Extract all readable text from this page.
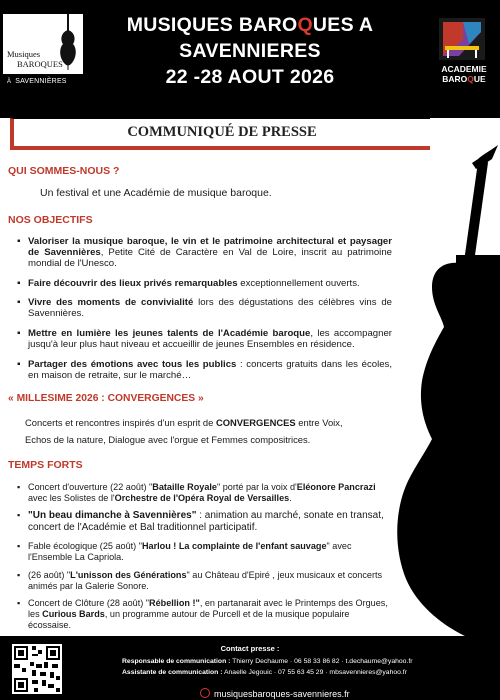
Musiques
BAROQUES
À SAVENNIÈRES
MUSIQUES BAROQUES A
SAVENNIERES
22 -28 AOUT 2026	ACADEMIE
BAROQUE
COMMUNIQUÉ DE PRESSE
QUI SOMMES-NOUS ?
Un festival et une Académie de musique baroque.
NOS OBJECTIFS
▪ Valoriser la musique baroque, le vin et le patrimoine architectural et paysager de Savennières, Petite Cité de Caractère en Val de Loire, inscrit au patrimoine mondial de l'Unesco.
▪ Faire découvrir des lieux privés remarquables exceptionnellement ouverts.
▪ Vivre des moments de convivialité lors des dégustations des célèbres vins de Savennières.
▪ Mettre en lumière les jeunes talents de l'Académie baroque, les accompagner jusqu'à leur plus haut niveau et accueillir de jeunes Ensembles en résidence.
▪ Partager des émotions avec tous les publics : concerts gratuits dans les écoles, en maison de retraite, sur le marché…
« MILLESIME 2026 : CONVERGENCES »
Concerts et rencontres inspirés d'un esprit de CONVERGENCES entre Voix,
Echos de la nature, Dialogue avec l'orgue et Femmes compositrices.
TEMPS FORTS
▪ Concert d'ouverture (22 août) "Bataille Royale" porté par la voix d'Eléonore Pancrazi avec les Solistes de l'Orchestre de l'Opéra Royal de Versailles.
▪ "Un beau dimanche à Savennières" : animation au marché, sonate en transat, concert de l'Académie et Bal traditionnel participatif.
▪ Fable écologique (25 août) "Harlou ! La complainte de l'enfant sauvage" avec l'Ensemble La Capriola.
▪ (26 août) "L'unisson des Générations" au Château d'Epiré , jeux musicaux et concerts animés par la Galerie Sonore.
▪ Concert de Clôture (28 août) "Rébellion !", en partanarait avec le Printemps des Orgues, les Curious Bards, un programme autour de Purcell et de la musique populaire écossaise.
Contact presse :
Responsable de communication : Thierry Dechaume · 06 58 33 86 82 · t.dechaume@yahoo.fr
Assistante de communication : Anaelle Jegouic · 07 55 63 45 29 · mbsavennieres@yahoo.fr
musiquesbaroques-savennieres.fr
